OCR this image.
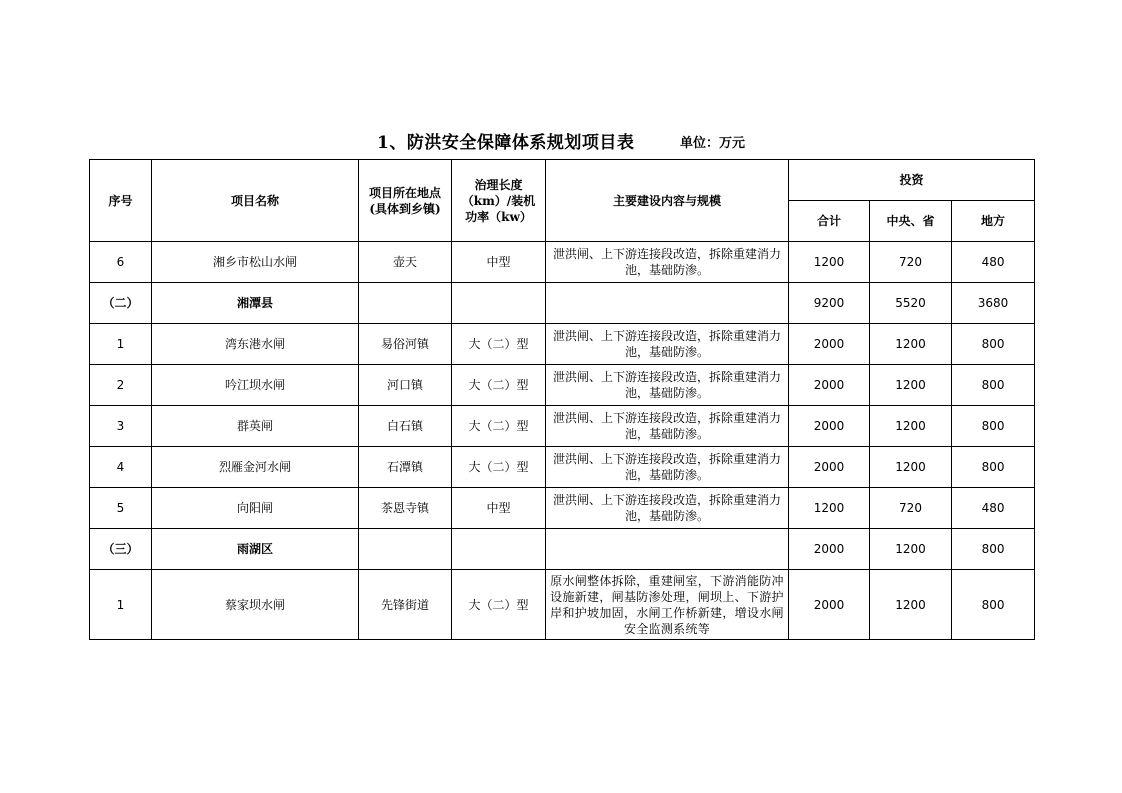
1、防洪安全保障体系规划项目表	单位：万元
序号	项目名称	项目所在地点(具体到乡镇)	治理长度（km）/装机功率（kw）	主要建设内容与规模	投资		
					合计	中央、省	地方
6	湘乡市松山水闸	壶天	中型	泄洪闸、上下游连接段改造，拆除重建消力池，基础防渗。	1200	720	480
（二）	湘潭县				9200	5520	3680
1	湾东港水闸	易俗河镇	大（二）型	泄洪闸、上下游连接段改造，拆除重建消力池，基础防渗。	2000	1200	800
2	吟江坝水闸	河口镇	大（二）型	泄洪闸、上下游连接段改造，拆除重建消力池，基础防渗。	2000	1200	800
3	群英闸	白石镇	大（二）型	泄洪闸、上下游连接段改造，拆除重建消力池，基础防渗。	2000	1200	800
4	烈雁金河水闸	石潭镇	大（二）型	泄洪闸、上下游连接段改造，拆除重建消力池，基础防渗。	2000	1200	800
5	向阳闸	茶恩寺镇	中型	泄洪闸、上下游连接段改造，拆除重建消力池，基础防渗。	1200	720	480
（三）	雨湖区				2000	1200	800
1	蔡家坝水闸	先锋街道	大（二）型	原水闸整体拆除，重建闸室，下游消能防冲设施新建，闸基防渗处理，闸坝上、下游护岸和护坡加固，水闸工作桥新建，增设水闸安全监测系统等	2000	1200	800
